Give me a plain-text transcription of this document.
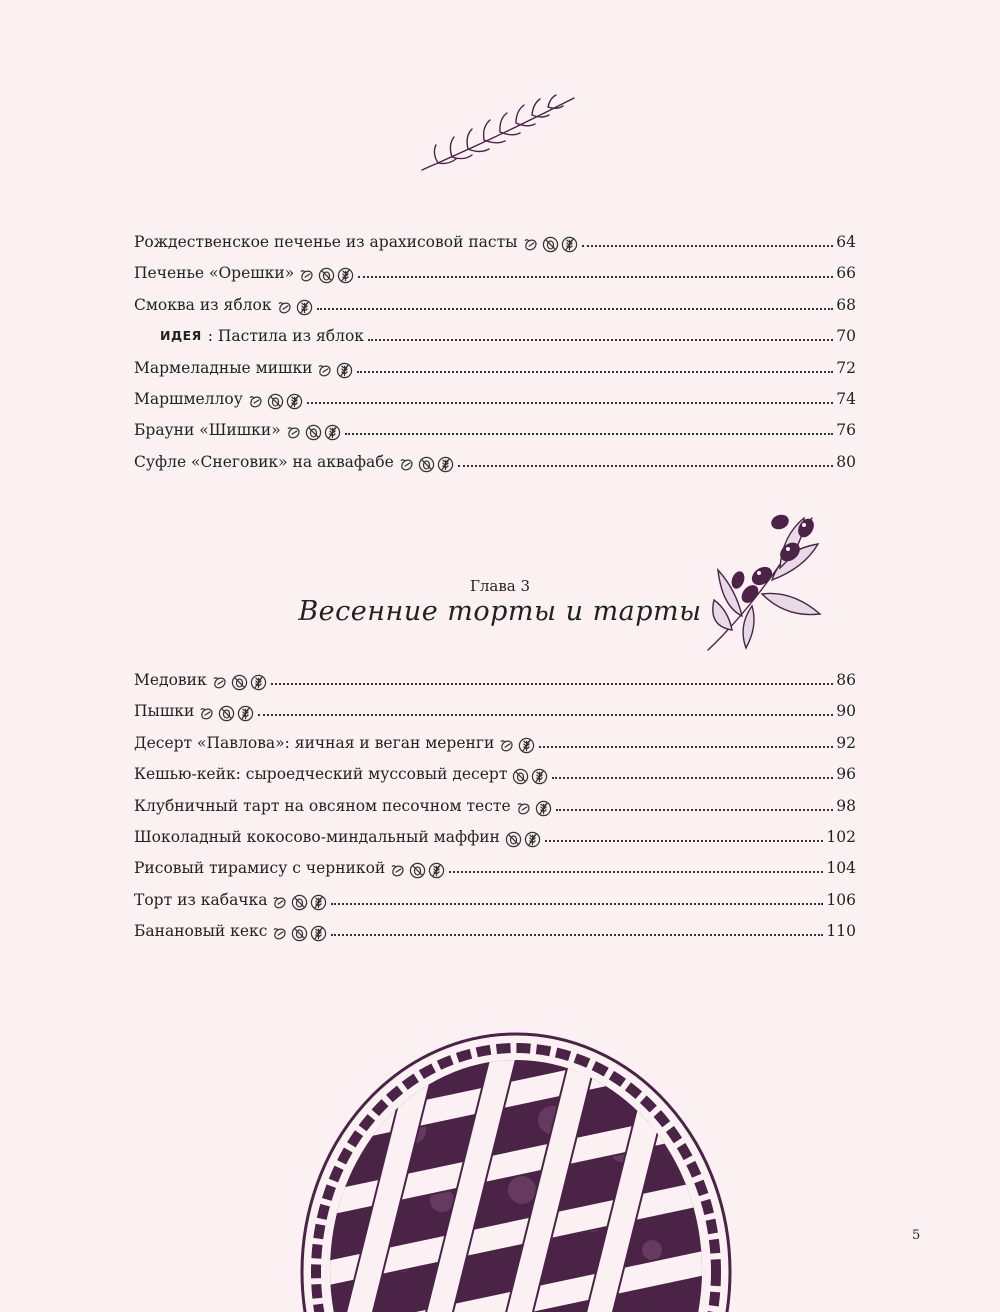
Рождественское печенье из арахисовой пасты	64
Печенье «Орешки»	66
Смоква из яблок	68
ИДЕЯ : Пастила из яблок	70
Мармеладные мишки	72
Маршмеллоу	74
Брауни «Шишки»	76
Суфле «Снеговик» на аквафабе	80
Глава 3
Весенние торты и тарты
Медовик	86
Пышки	90
Десерт «Павлова»: яичная и веган меренги	92
Кешью-кейк: сыроедческий муссовый десерт	96
Клубничный тарт на овсяном песочном тесте	98
Шоколадный кокосово-миндальный маффин	102
Рисовый тирамису с черникой	104
Торт из кабачка	106
Банановый кекс	110
5
